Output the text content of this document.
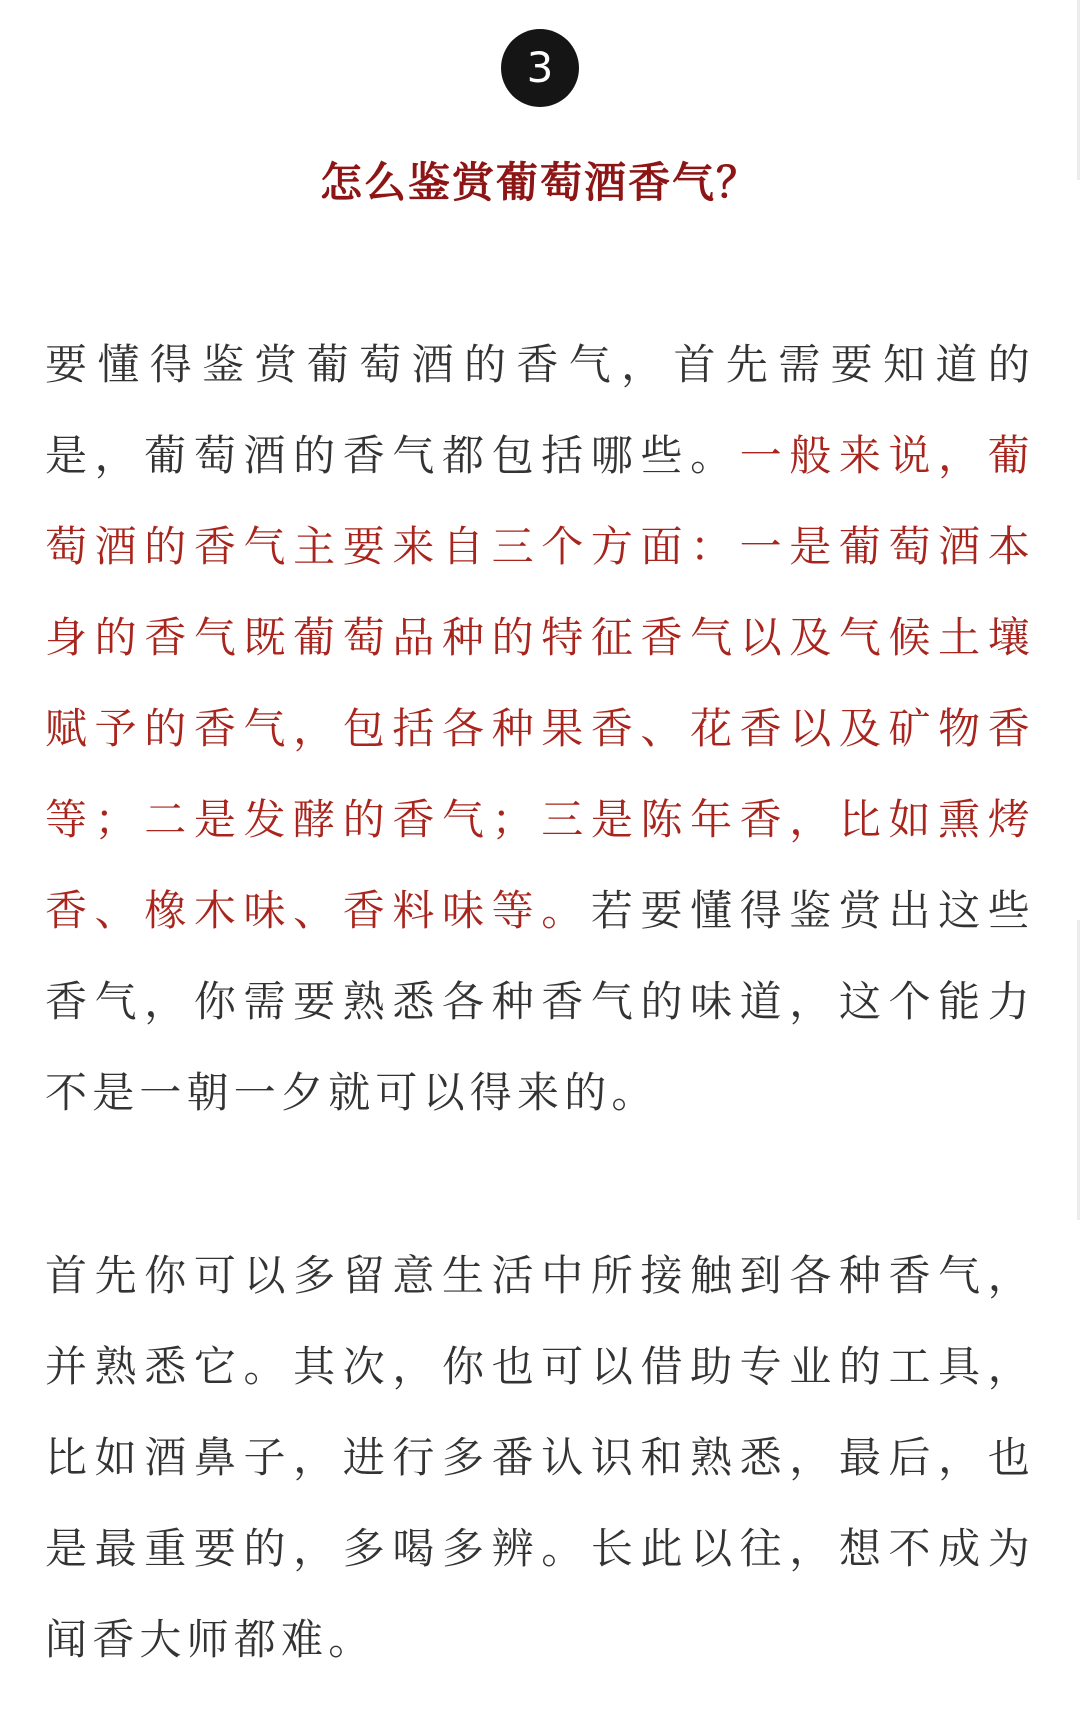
3
怎么鉴赏葡萄酒香气？

要懂得鉴赏葡萄酒的香气，首先需要知道的是，葡萄酒的香气都包括哪些。一般来说，葡萄酒的香气主要来自三个方面：一是葡萄酒本身的香气既葡萄品种的特征香气以及气候土壤赋予的香气，包括各种果香、花香以及矿物香等；二是发酵的香气；三是陈年香，比如熏烤香、橡木味、香料味等。若要懂得鉴赏出这些香气，你需要熟悉各种香气的味道，这个能力不是一朝一夕就可以得来的。

首先你可以多留意生活中所接触到各种香气，并熟悉它。其次，你也可以借助专业的工具，比如酒鼻子，进行多番认识和熟悉，最后，也是最重要的，多喝多辨。长此以往，想不成为闻香大师都难。
